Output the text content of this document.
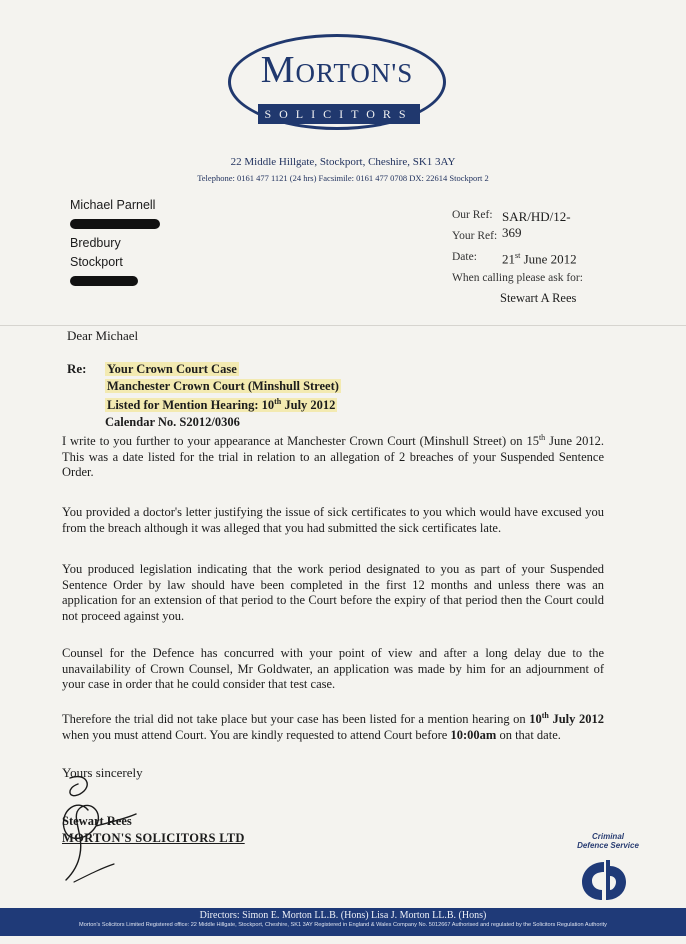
MORTON'S
SOLICITORS
22 Middle Hillgate, Stockport, Cheshire, SK1 3AY
Telephone: 0161 477 1121 (24 hrs) Facsimile: 0161 477 0708 DX: 22614 Stockport 2
Michael Parnell
Bredbury
Stockport
Our Ref: SAR/HD/12-369
Your Ref:
Date: 21st June 2012
When calling please ask for:
Stewart A Rees
Dear Michael
Re: Your Crown Court Case
Manchester Crown Court (Minshull Street)
Listed for Mention Hearing: 10th July 2012
Calendar No. S2012/0306
I write to you further to your appearance at Manchester Crown Court (Minshull Street) on 15th June 2012. This was a date listed for the trial in relation to an allegation of 2 breaches of your Suspended Sentence Order.
You provided a doctor's letter justifying the issue of sick certificates to you which would have excused you from the breach although it was alleged that you had submitted the sick certificates late.
You produced legislation indicating that the work period designated to you as part of your Suspended Sentence Order by law should have been completed in the first 12 months and unless there was an application for an extension of that period to the Court before the expiry of that period then the Court could not proceed against you.
Counsel for the Defence has concurred with your point of view and after a long delay due to the unavailability of Crown Counsel, Mr Goldwater, an application was made by him for an adjournment of your case in order that he could consider that test case.
Therefore the trial did not take place but your case has been listed for a mention hearing on 10th July 2012 when you must attend Court. You are kindly requested to attend Court before 10:00am on that date.
Yours sincerely
Stewart Rees
MORTON'S SOLICITORS LTD	Criminal
Defence Service
Directors: Simon E. Morton LL.B. (Hons) Lisa J. Morton LL.B. (Hons)
Morton's Solicitors Limited Registered office: 22 Middle Hillgate, Stockport, Cheshire, SK1 3AY Registered in England & Wales Company No. 5012667 Authorised and regulated by the Solicitors Regulation Authority
